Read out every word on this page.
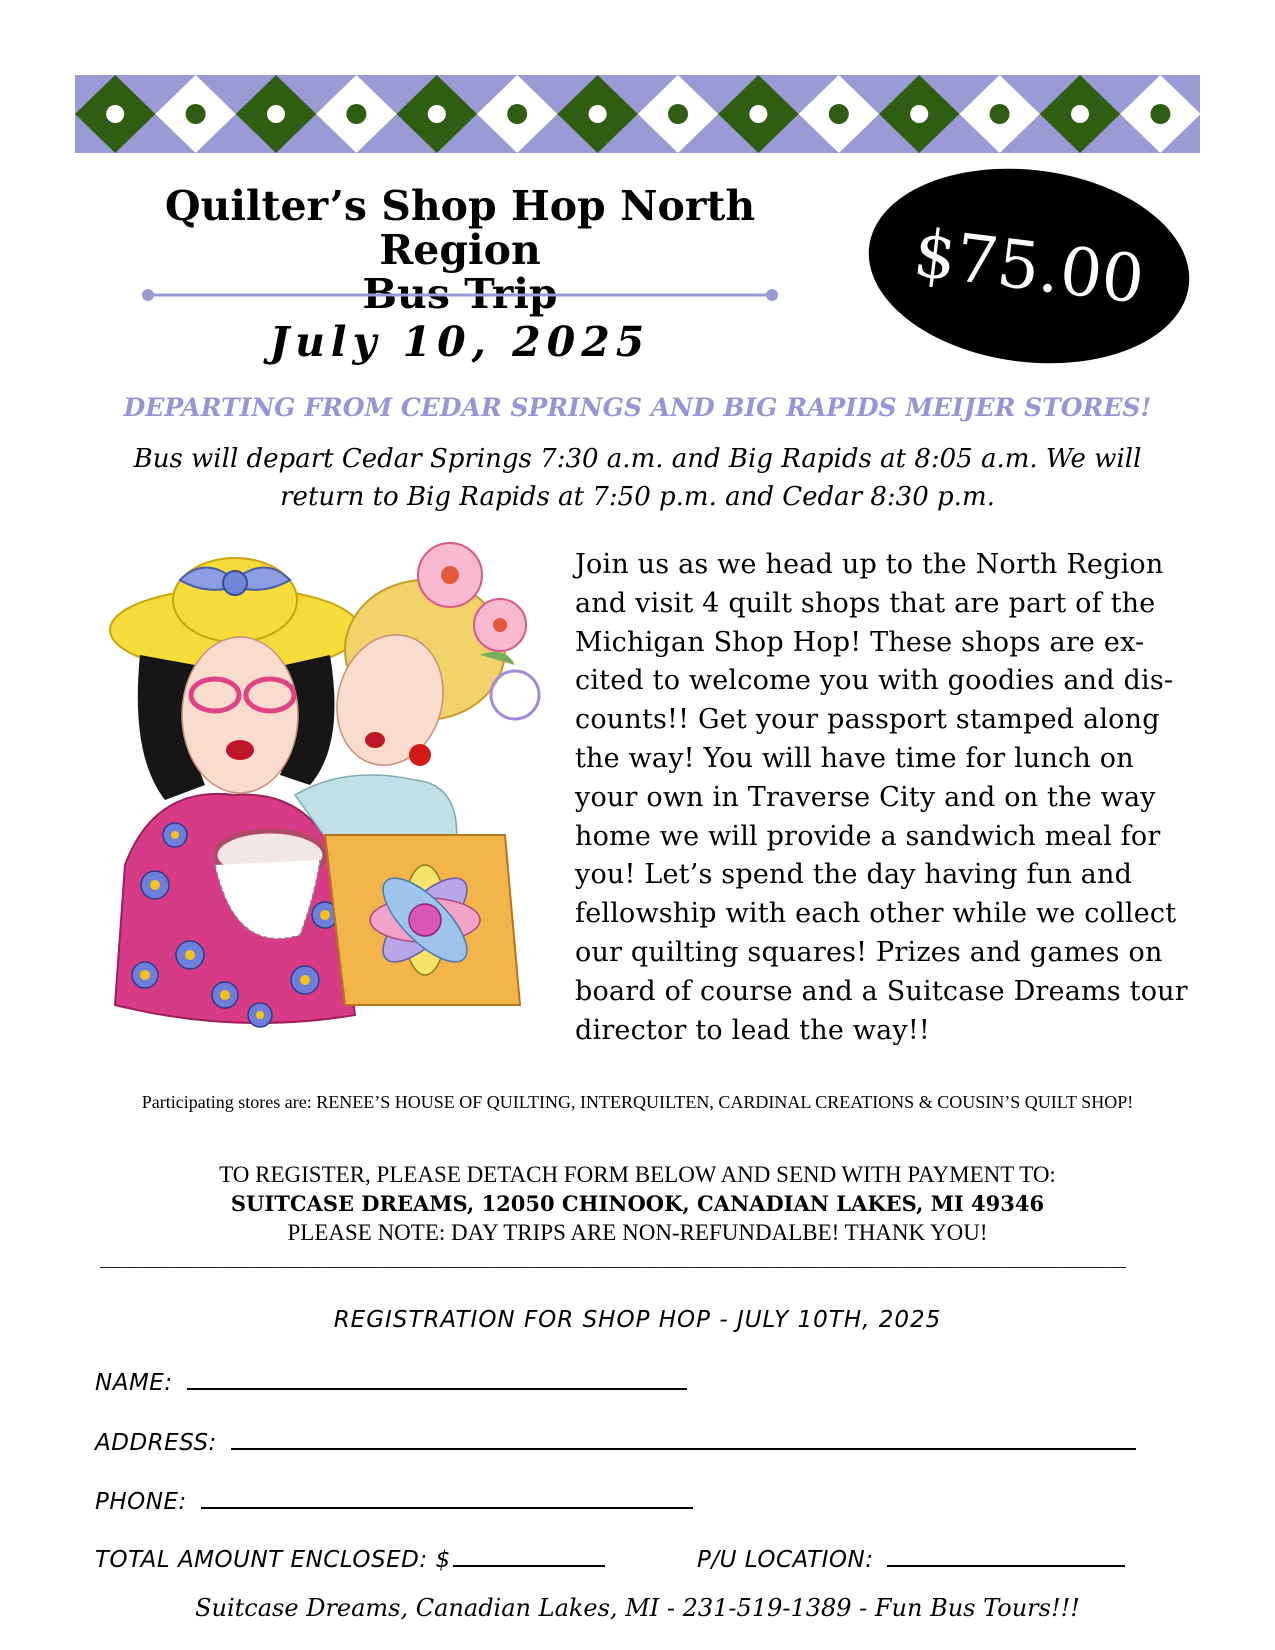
Quilter’s Shop Hop North Region
Bus Trip
July 10, 2025
$75.00
DEPARTING FROM CEDAR SPRINGS AND BIG RAPIDS MEIJER STORES!
Bus will depart Cedar Springs 7:30 a.m. and Big Rapids at 8:05 a.m. We will
return to Big Rapids at 7:50 p.m. and Cedar 8:30 p.m.
Join us as we head up to the North Region
and visit 4 quilt shops that are part of the
Michigan Shop Hop! These shops are ex-
cited to welcome you with goodies and dis-
counts!! Get your passport stamped along
the way! You will have time for lunch on
your own in Traverse City and on the way
home we will provide a sandwich meal for
you! Let’s spend the day having fun and
fellowship with each other while we collect
our quilting squares! Prizes and games on
board of course and a Suitcase Dreams tour
director to lead the way!!
Participating stores are: RENEE’S HOUSE OF QUILTING, INTERQUILTEN, CARDINAL CREATIONS & COUSIN’S QUILT SHOP!
TO REGISTER, PLEASE DETACH FORM BELOW AND SEND WITH PAYMENT TO:
SUITCASE DREAMS, 12050 CHINOOK, CANADIAN LAKES, MI 49346
PLEASE NOTE: DAY TRIPS ARE NON-REFUNDALBE! THANK YOU!
_______________________________________________________________________________________________
REGISTRATION FOR SHOP HOP - JULY 10TH, 2025
NAME:
ADDRESS:
PHONE:
TOTAL AMOUNT ENCLOSED: $	P/U LOCATION:
Suitcase Dreams, Canadian Lakes, MI - 231-519-1389 - Fun Bus Tours!!!
